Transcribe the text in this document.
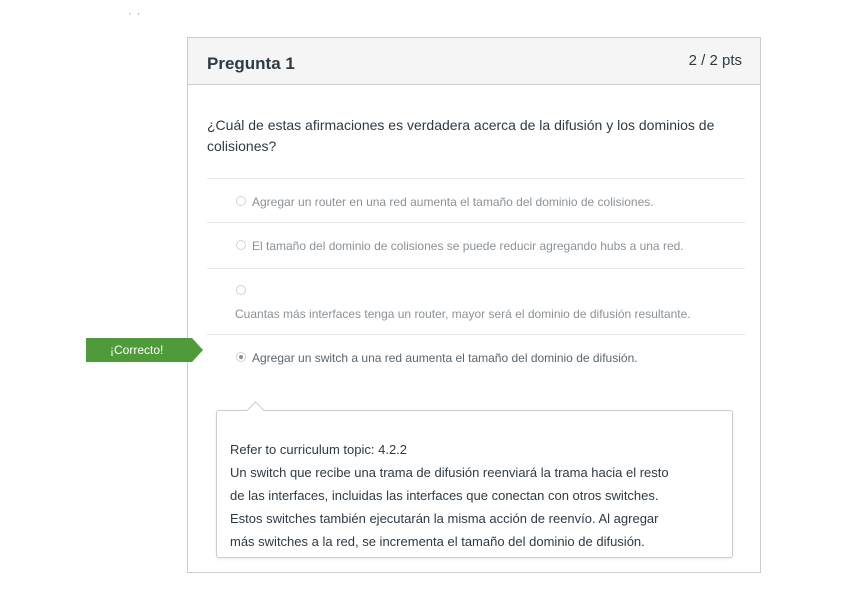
· ·
Pregunta 1	2 / 2 pts
¿Cuál de estas afirmaciones es verdadera acerca de la difusión y los dominios de colisiones?
Agregar un router en una red aumenta el tamaño del dominio de colisiones.
El tamaño del dominio de colisiones se puede reducir agregando hubs a una red.
Cuantas más interfaces tenga un router, mayor será el dominio de difusión resultante.
Agregar un switch a una red aumenta el tamaño del dominio de difusión.
¡Correcto!
Refer to curriculum topic: 4.2.2
Un switch que recibe una trama de difusión reenviará la trama hacia el resto
de las interfaces, incluidas las interfaces que conectan con otros switches.
Estos switches también ejecutarán la misma acción de reenvío. Al agregar
más switches a la red, se incrementa el tamaño del dominio de difusión.
